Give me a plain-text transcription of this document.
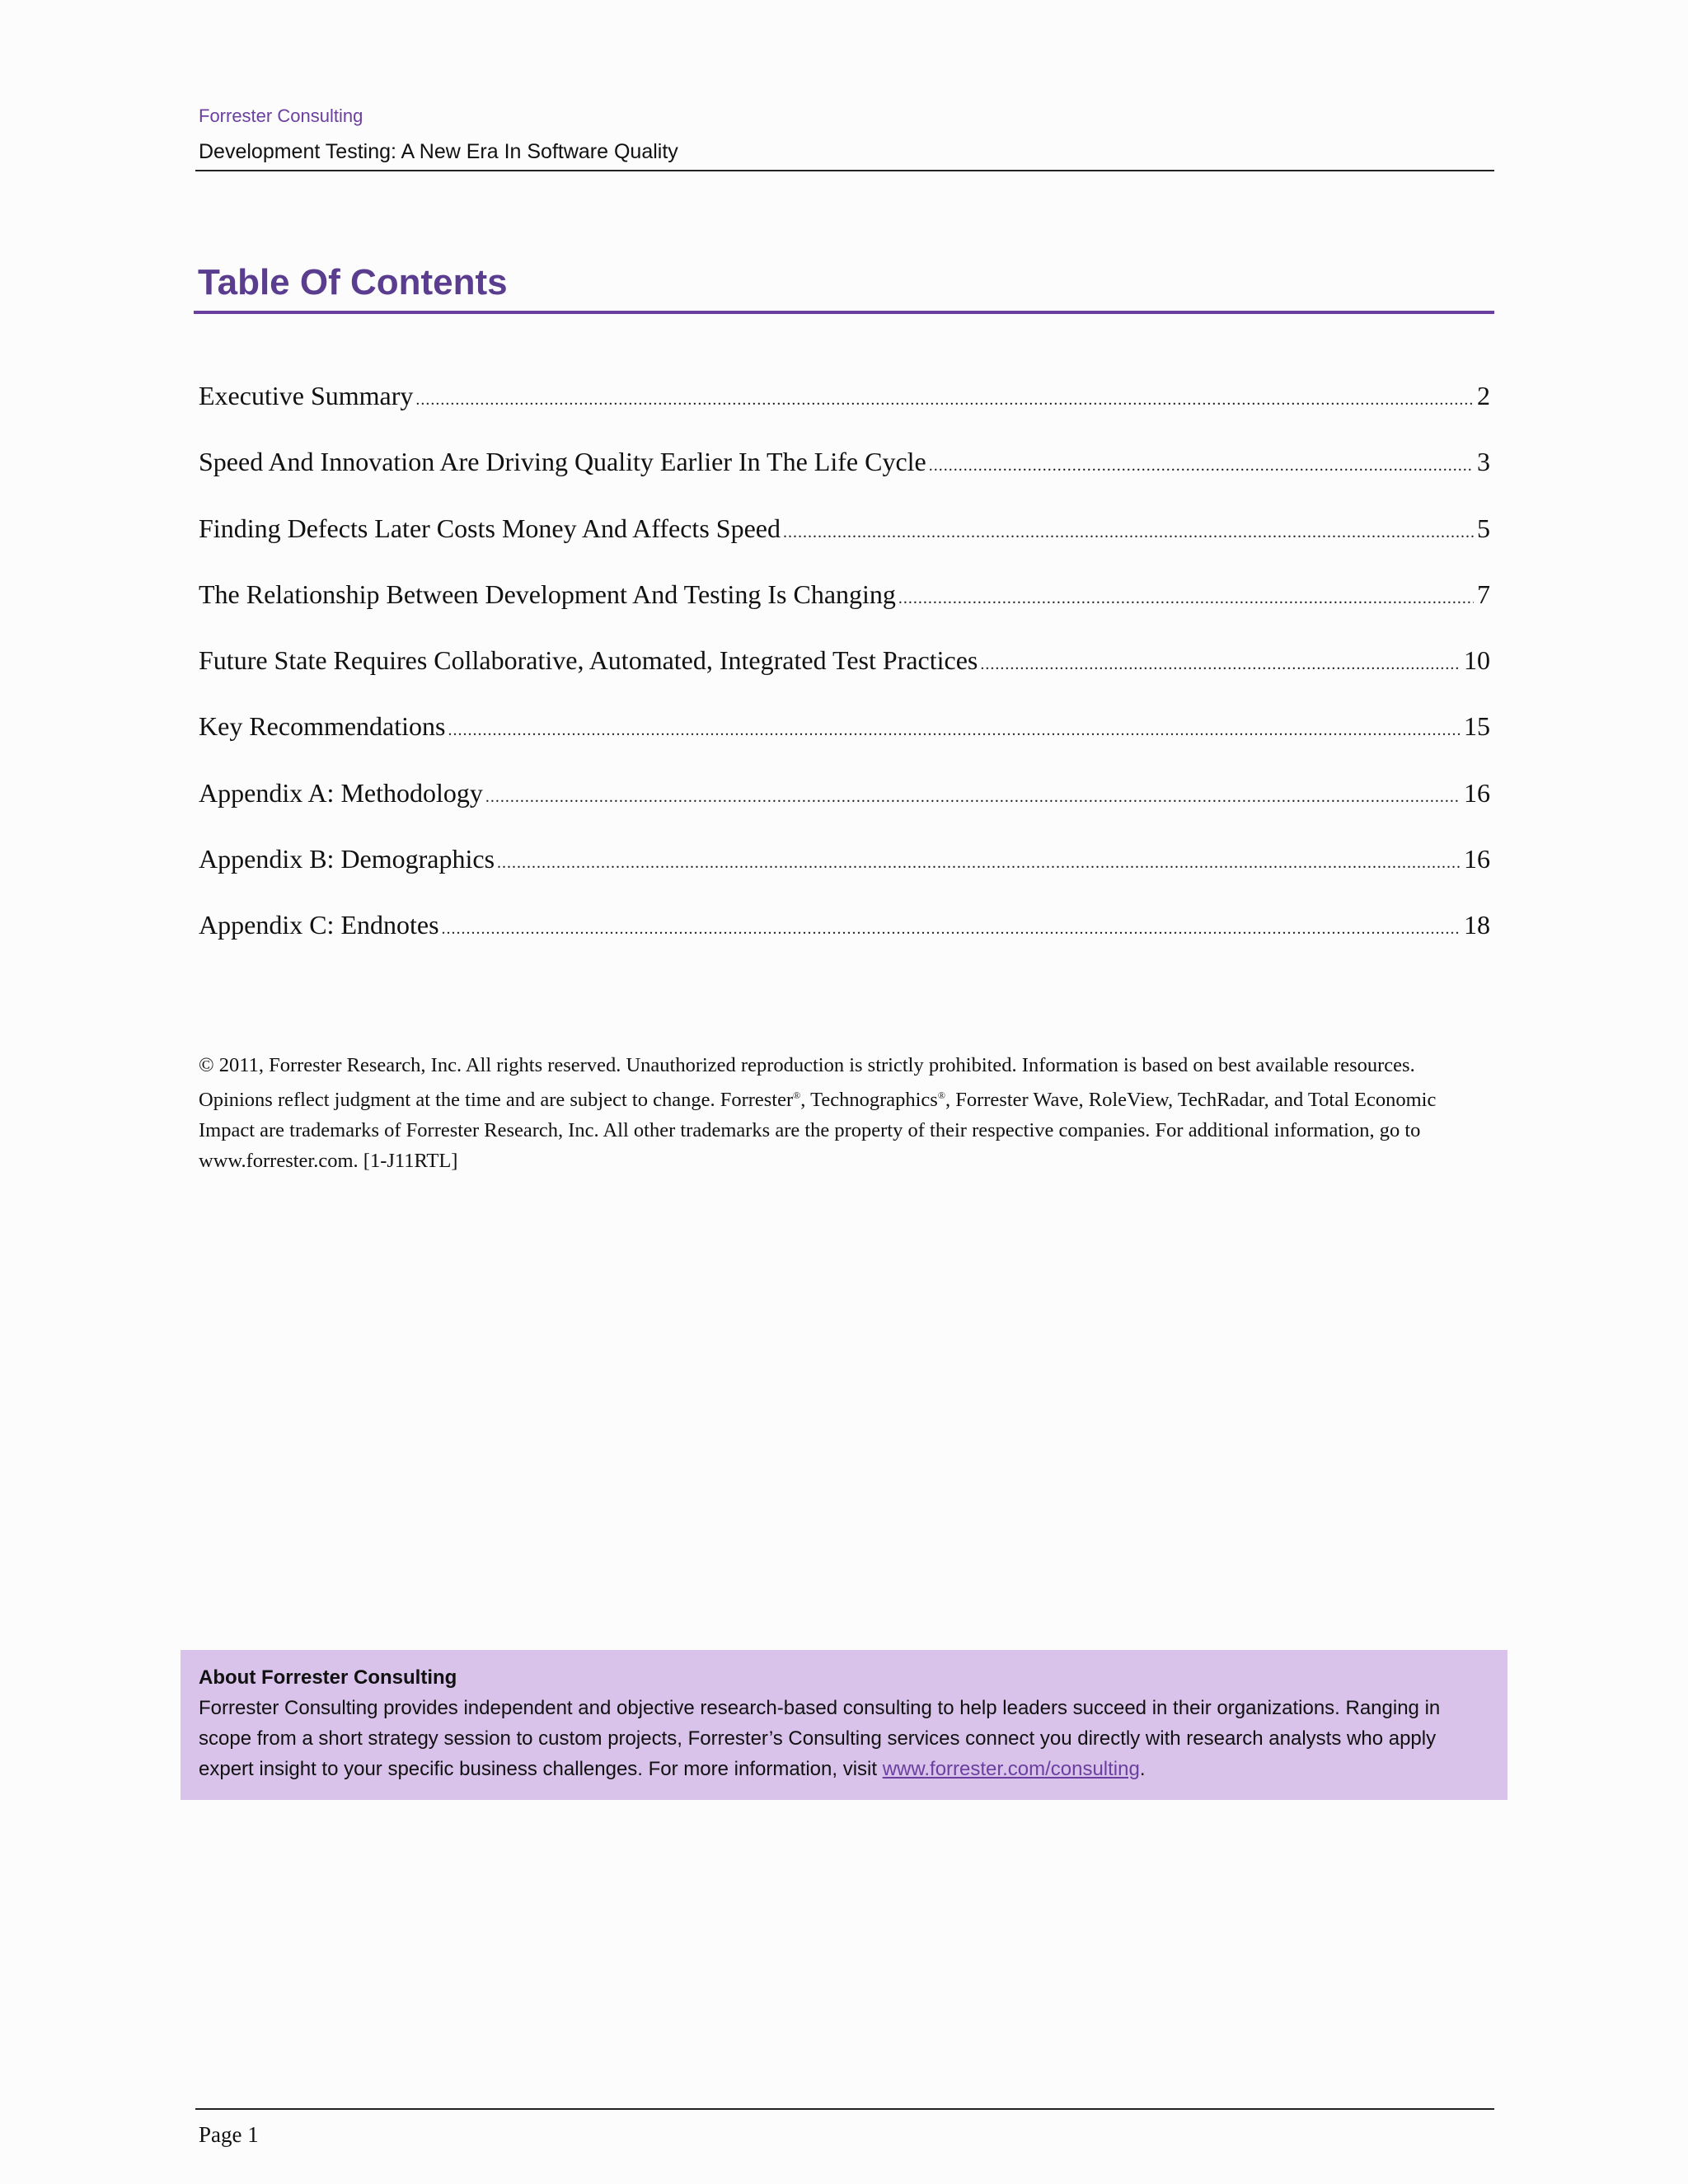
Forrester Consulting
Development Testing: A New Era In Software Quality
Table Of Contents
Executive Summary .....	2
Speed And Innovation Are Driving Quality Earlier In The Life Cycle .....	3
Finding Defects Later Costs Money And Affects Speed .....	5
The Relationship Between Development And Testing Is Changing .....	7
Future State Requires Collaborative, Automated, Integrated Test Practices .....	10
Key Recommendations .....	15
Appendix A: Methodology .....	16
Appendix B: Demographics .....	16
Appendix C: Endnotes .....	18
© 2011, Forrester Research, Inc. All rights reserved. Unauthorized reproduction is strictly prohibited. Information is based on best available resources. Opinions reflect judgment at the time and are subject to change. Forrester®, Technographics®, Forrester Wave, RoleView, TechRadar, and Total Economic Impact are trademarks of Forrester Research, Inc. All other trademarks are the property of their respective companies. For additional information, go to www.forrester.com. [1-J11RTL]
About Forrester Consulting
Forrester Consulting provides independent and objective research-based consulting to help leaders succeed in their organizations. Ranging in scope from a short strategy session to custom projects, Forrester’s Consulting services connect you directly with research analysts who apply expert insight to your specific business challenges. For more information, visit www.forrester.com/consulting.
Page 1
